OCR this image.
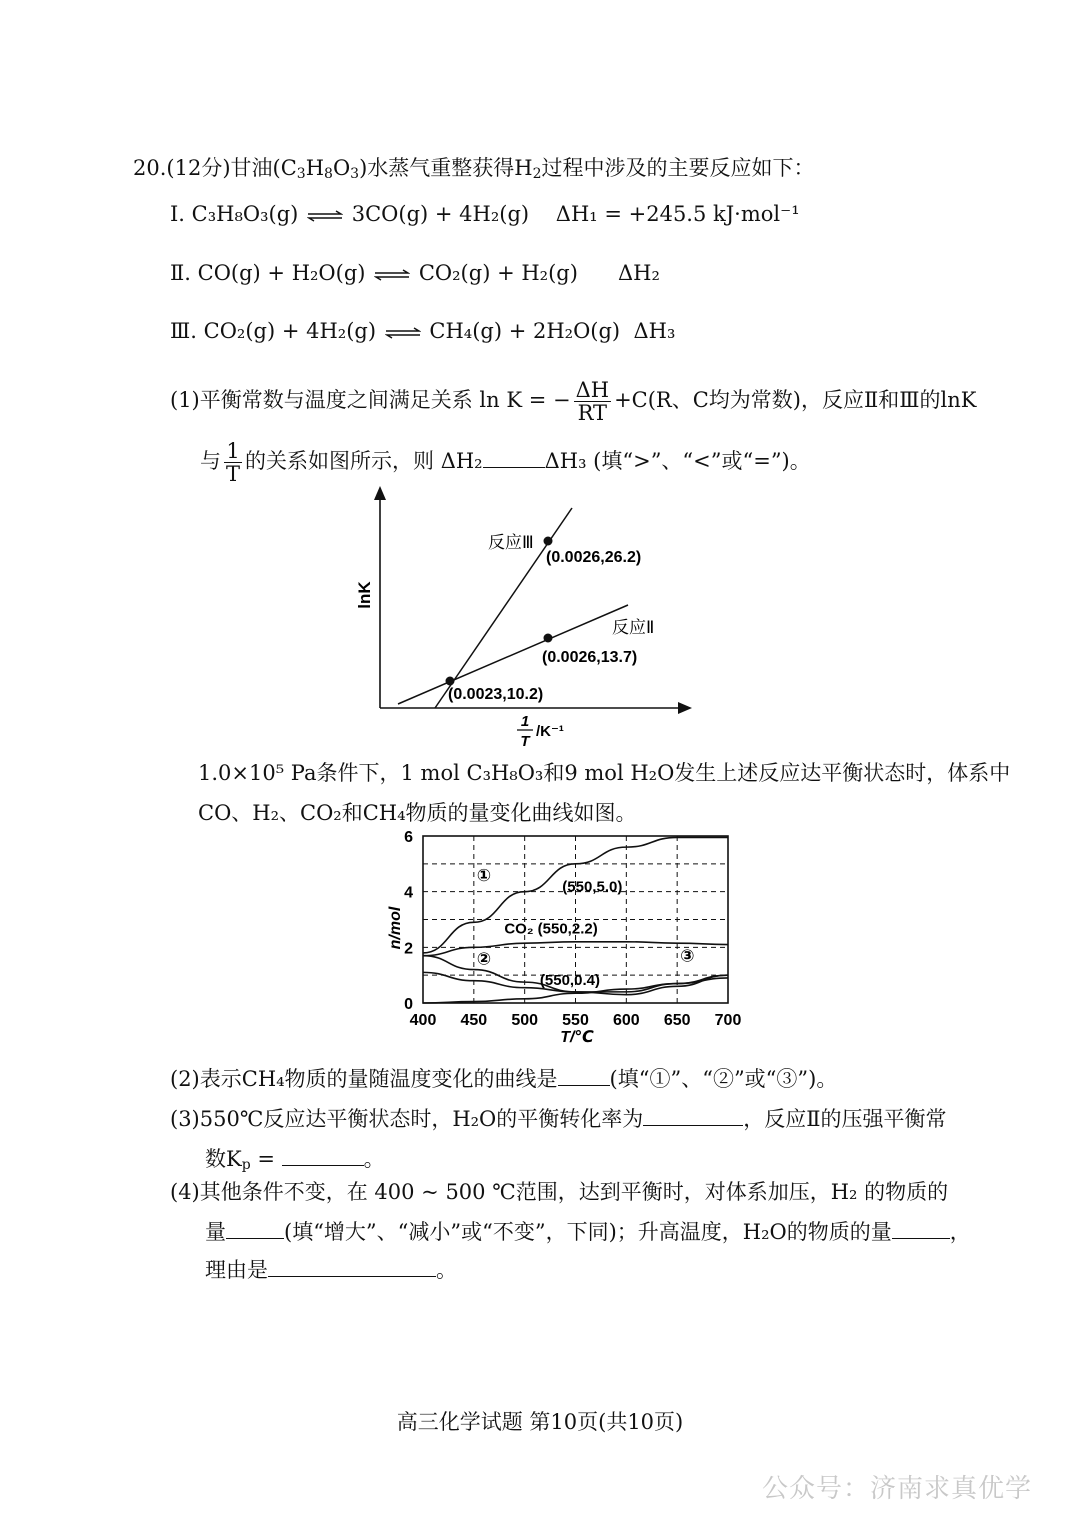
20.(12分)甘油$(C_3H_8O_3)$水蒸气重整获得$H_2$过程中涉及的主要反应如下：
Ⅰ. C₃H₈O₃(g) ⇌ 3CO(g) + 4H₂(g) ΔH₁ = +245.5 kJ·mol⁻¹
Ⅱ. CO(g) + H₂O(g) ⇌ CO₂(g) + H₂(g) ΔH₂
Ⅲ. CO₂(g) + 4H₂(g) ⇌ CH₄(g) + 2H₂O(g) ΔH₃
(1)平衡常数与温度之间满足关系 ln K = − $\frac{\Delta H}{RT} +C(R$、C均为常数)，反应Ⅱ和Ⅲ的lnK
与 $\frac{1}{T}$ 的关系如图所示，则 ΔH₂	ΔH₃ (填“>”、“<”或“=”)。
lnK
反应Ⅲ
反应Ⅱ
(0.0026,26.2)
(0.0026,13.7)
(0.0023,10.2)
1
T
/K⁻¹
1.0×10⁵ Pa条件下，1 mol C₃H₈O₃和9 mol H₂O发生上述反应达平衡状态时，体系中
CO、H₂、CO₂和CH₄物质的量变化曲线如图。
400 450 500 550 600 650 700
0
2
4
6
①
②	③
(550,5.0)
CO₂ (550,2.2)
(550,0.4)
n/mol
T/℃
(2)表示CH₄物质的量随温度变化的曲线是 (填“①”、“②”或“③”)。
(3)550℃反应达平衡状态时，H₂O的平衡转化率为	，反应Ⅱ的压强平衡常
数$K_p$ =	。
(4)其他条件不变，在 400 ~ 500 ℃范围，达到平衡时，对体系加压，H₂ 的物质的
量	(填“增大”、“减小”或“不变”，下同)；升高温度，H₂O的物质的量	，
理由是	。
高三化学试题 第10页(共10页)
公众号：济南求真优学
